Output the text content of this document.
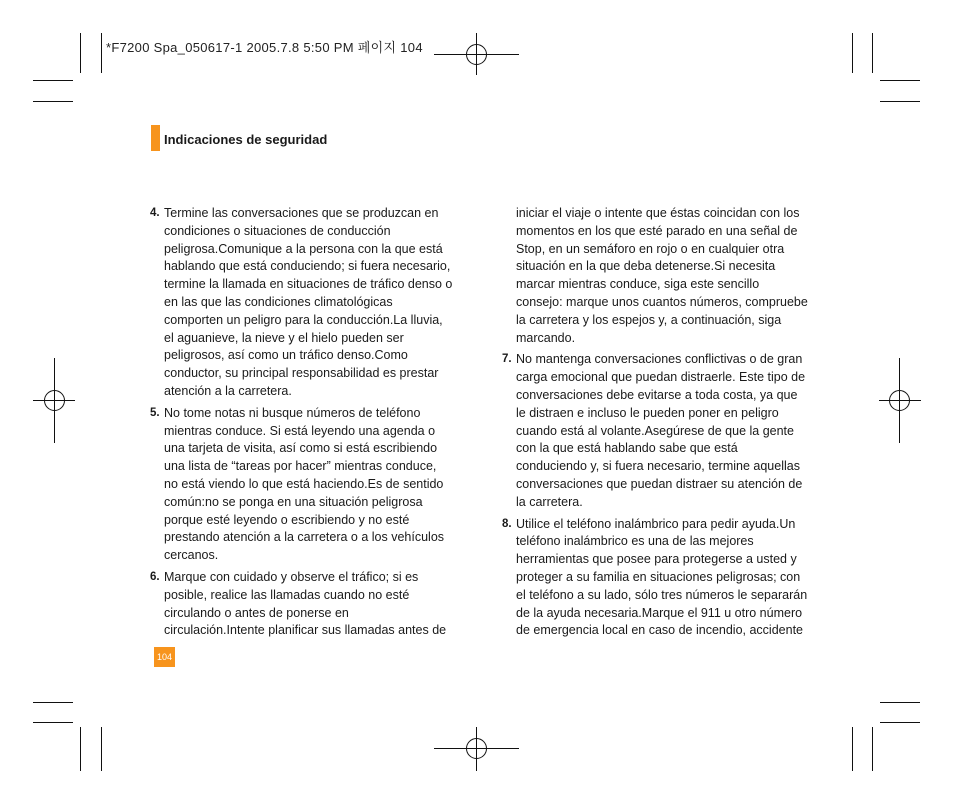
*F7200 Spa_050617-1 2005.7.8 5:50 PM 페이지 104
Indicaciones de seguridad
4. Termine las conversaciones que se produzcan en
condiciones o situaciones de conducción
peligrosa.Comunique a la persona con la que está
hablando que está conduciendo; si fuera necesario,
termine la llamada en situaciones de tráfico denso o
en las que las condiciones climatológicas
comporten un peligro para la conducción.La lluvia,
el aguanieve, la nieve y el hielo pueden ser
peligrosos, así como un tráfico denso.Como
conductor, su principal responsabilidad es prestar
atención a la carretera.
5. No tome notas ni busque números de teléfono
mientras conduce. Si está leyendo una agenda o
una tarjeta de visita, así como si está escribiendo
una lista de “tareas por hacer” mientras conduce,
no está viendo lo que está haciendo.Es de sentido
común:no se ponga en una situación peligrosa
porque esté leyendo o escribiendo y no esté
prestando atención a la carretera o a los vehículos
cercanos.
6. Marque con cuidado y observe el tráfico; si es
posible, realice las llamadas cuando no esté
circulando o antes de ponerse en
circulación.Intente planificar sus llamadas antes de
iniciar el viaje o intente que éstas coincidan con los
momentos en los que esté parado en una señal de
Stop, en un semáforo en rojo o en cualquier otra
situación en la que deba detenerse.Si necesita
marcar mientras conduce, siga este sencillo
consejo: marque unos cuantos números, compruebe
la carretera y los espejos y, a continuación, siga
marcando.
7. No mantenga conversaciones conflictivas o de gran
carga emocional que puedan distraerle. Este tipo de
conversaciones debe evitarse a toda costa, ya que
le distraen e incluso le pueden poner en peligro
cuando está al volante.Asegúrese de que la gente
con la que está hablando sabe que está
conduciendo y, si fuera necesario, termine aquellas
conversaciones que puedan distraer su atención de
la carretera.
8. Utilice el teléfono inalámbrico para pedir ayuda.Un
teléfono inalámbrico es una de las mejores
herramientas que posee para protegerse a usted y
proteger a su familia en situaciones peligrosas; con
el teléfono a su lado, sólo tres números le separarán
de la ayuda necesaria.Marque el 911 u otro número
de emergencia local en caso de incendio, accidente
104
